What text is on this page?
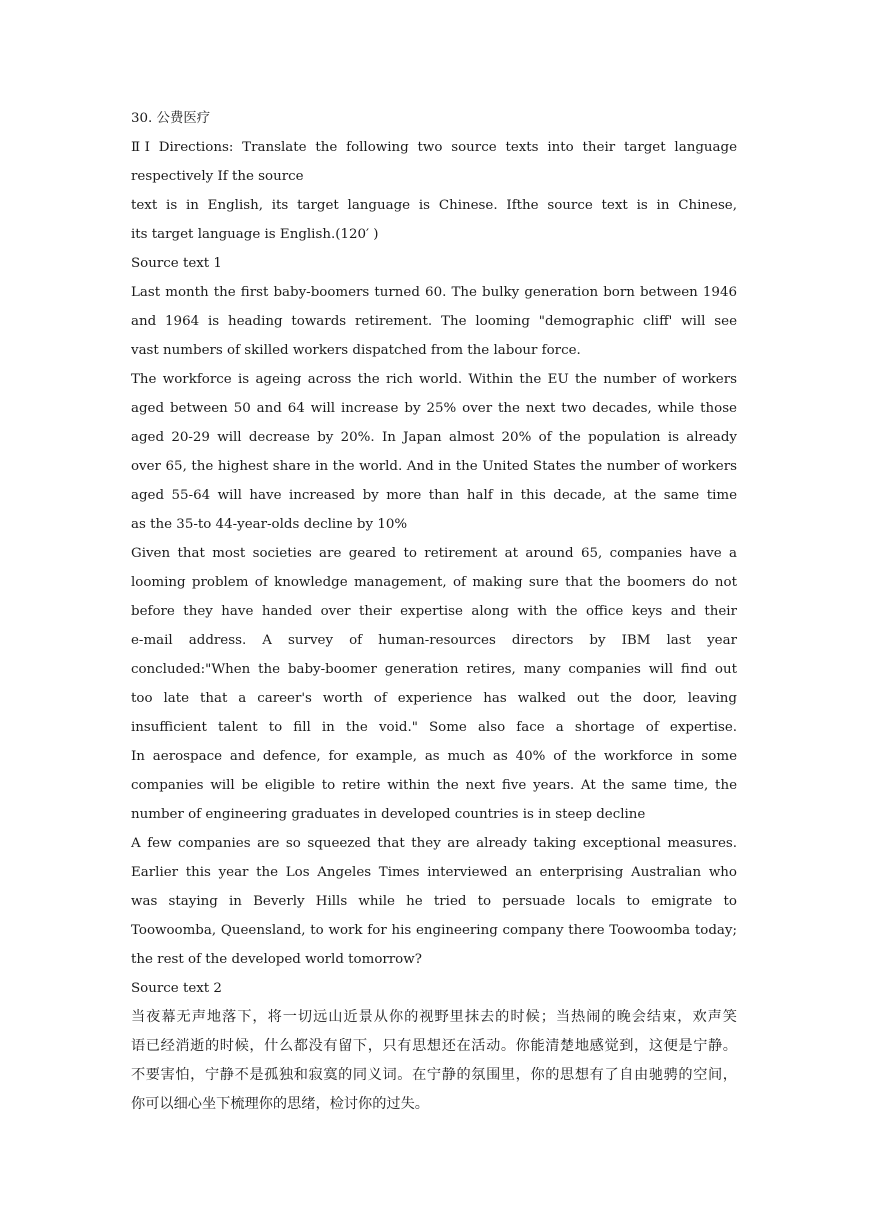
30. 公费医疗
ⅡI Directions: Translate the following two source texts into their target language
respectively If the source
text is in English, its target language is Chinese. Ifthe source text is in Chinese,
its target language is English.(120′ )
Source text 1
Last month the first baby-boomers turned 60. The bulky generation born between 1946
and 1964 is heading towards retirement. The looming "demographic cliff' will see
vast numbers of skilled workers dispatched from the labour force.
The workforce is ageing across the rich world. Within the EU the number of workers
aged between 50 and 64 will increase by 25% over the next two decades, while those
aged 20-29 will decrease by 20%. In Japan almost 20% of the population is already
over 65, the highest share in the world. And in the United States the number of workers
aged 55-64 will have increased by more than half in this decade, at the same time
as the 35-to 44-year-olds decline by 10%
Given that most societies are geared to retirement at around 65, companies have a
looming problem of knowledge management, of making sure that the boomers do not
before they have handed over their expertise along with the office keys and their
e-mail address. A survey of human-resources directors by IBM last year
concluded:"When the baby-boomer generation retires, many companies will find out
too late that a career's worth of experience has walked out the door, leaving
insufficient talent to fill in the void." Some also face a shortage of expertise.
In aerospace and defence, for example, as much as 40% of the workforce in some
companies will be eligible to retire within the next five years. At the same time, the
number of engineering graduates in developed countries is in steep decline
A few companies are so squeezed that they are already taking exceptional measures.
Earlier this year the Los Angeles Times interviewed an enterprising Australian who
was staying in Beverly Hills while he tried to persuade locals to emigrate to
Toowoomba, Queensland, to work for his engineering company there Toowoomba today;
the rest of the developed world tomorrow?
Source text 2
当夜幕无声地落下，将一切远山近景从你的视野里抹去的时候；当热闹的晚会结束，欢声笑
语已经消逝的时候，什么都没有留下，只有思想还在活动。你能清楚地感觉到，这便是宁静。
不要害怕，宁静不是孤独和寂寞的同义词。在宁静的氛围里，你的思想有了自由驰骋的空间，
你可以细心坐下梳理你的思绪，检讨你的过失。
